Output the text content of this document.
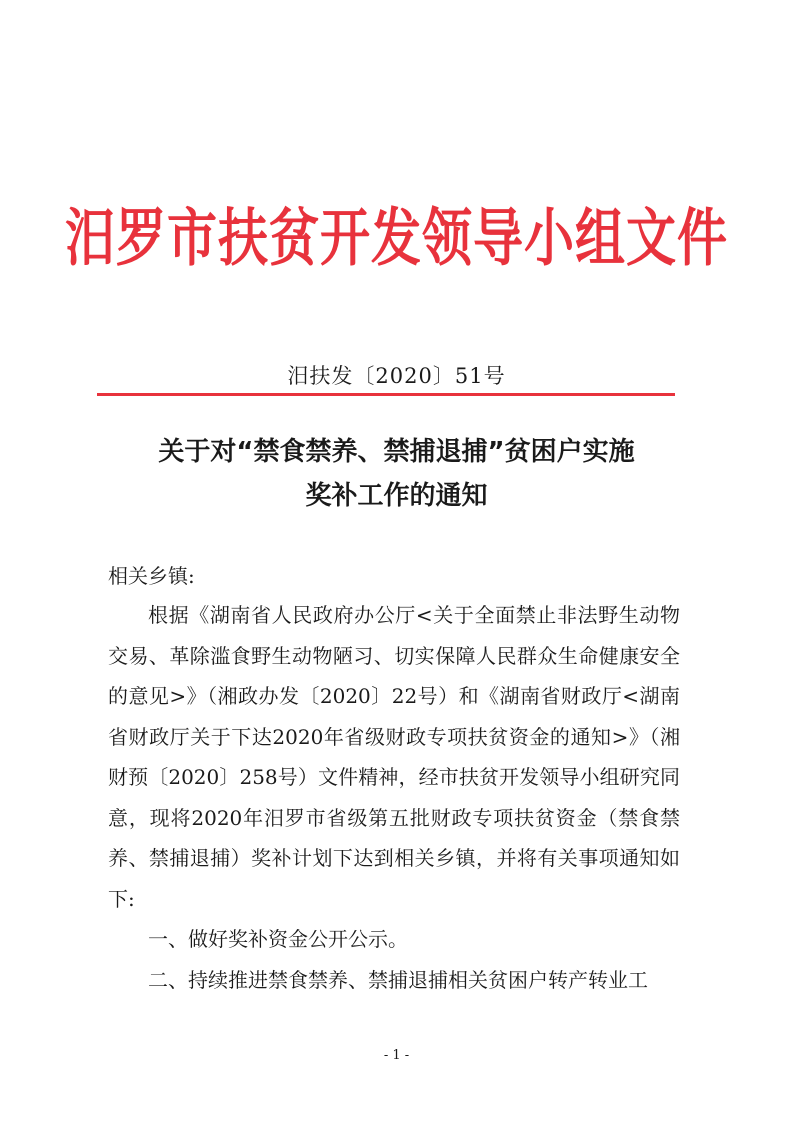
汨罗市扶贫开发领导小组文件
汨扶发〔2020〕51号
关于对“禁食禁养、禁捕退捕”贫困户实施
奖补工作的通知
相关乡镇:

根据《湖南省人民政府办公厅<关于全面禁止非法野生动物交易、革除滥食野生动物陋习、切实保障人民群众生命健康安全的意见>》（湘政办发〔2020〕22号）和《湖南省财政厅<湖南省财政厅关于下达2020年省级财政专项扶贫资金的通知>》（湘财预〔2020〕258号）文件精神，经市扶贫开发领导小组研究同意，现将2020年汨罗市省级第五批财政专项扶贫资金（禁食禁养、禁捕退捕）奖补计划下达到相关乡镇，并将有关事项通知如下:

一、做好奖补资金公开公示。

二、持续推进禁食禁养、禁捕退捕相关贫困户转产转业工

- 1 -
